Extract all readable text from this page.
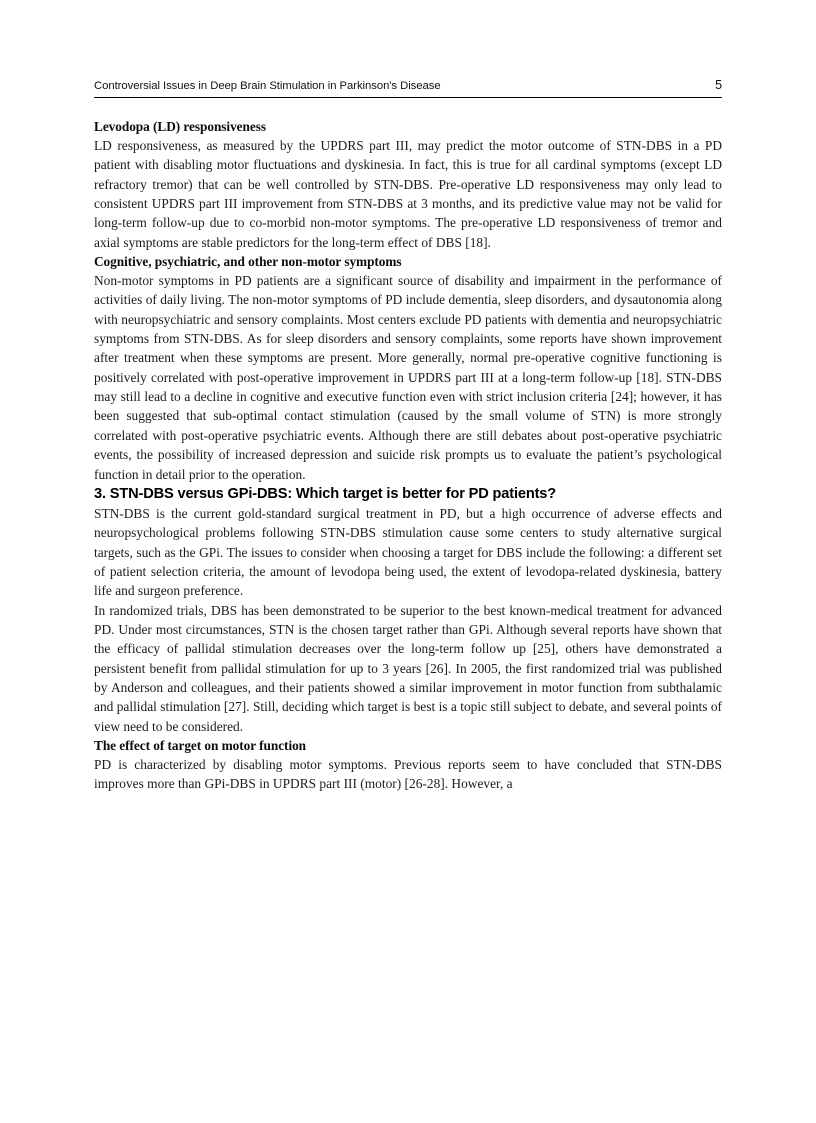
Controversial Issues in Deep Brain Stimulation in Parkinson's Disease	5
Levodopa (LD) responsiveness

LD responsiveness, as measured by the UPDRS part III, may predict the motor outcome of STN-DBS in a PD patient with disabling motor fluctuations and dyskinesia. In fact, this is true for all cardinal symptoms (except LD refractory tremor) that can be well controlled by STN-DBS. Pre-operative LD responsiveness may only lead to consistent UPDRS part III improvement from STN-DBS at 3 months, and its predictive value may not be valid for long-term follow-up due to co-morbid non-motor symptoms. The pre-operative LD responsiveness of tremor and axial symptoms are stable predictors for the long-term effect of DBS [18].

Cognitive, psychiatric, and other non-motor symptoms

Non-motor symptoms in PD patients are a significant source of disability and impairment in the performance of activities of daily living. The non-motor symptoms of PD include dementia, sleep disorders, and dysautonomia along with neuropsychiatric and sensory complaints. Most centers exclude PD patients with dementia and neuropsychiatric symptoms from STN-DBS. As for sleep disorders and sensory complaints, some reports have shown improvement after treatment when these symptoms are present. More generally, normal pre-operative cognitive functioning is positively correlated with post-operative improvement in UPDRS part III at a long-term follow-up [18]. STN-DBS may still lead to a decline in cognitive and executive function even with strict inclusion criteria [24]; however, it has been suggested that sub-optimal contact stimulation (caused by the small volume of STN) is more strongly correlated with post-operative psychiatric events. Although there are still debates about post-operative psychiatric events, the possibility of increased depression and suicide risk prompts us to evaluate the patient’s psychological function in detail prior to the operation.

3. STN-DBS versus GPi-DBS: Which target is better for PD patients?

STN-DBS is the current gold-standard surgical treatment in PD, but a high occurrence of adverse effects and neuropsychological problems following STN-DBS stimulation cause some centers to study alternative surgical targets, such as the GPi. The issues to consider when choosing a target for DBS include the following: a different set of patient selection criteria, the amount of levodopa being used, the extent of levodopa-related dyskinesia, battery life and surgeon preference.

In randomized trials, DBS has been demonstrated to be superior to the best known-medical treatment for advanced PD. Under most circumstances, STN is the chosen target rather than GPi. Although several reports have shown that the efficacy of pallidal stimulation decreases over the long-term follow up [25], others have demonstrated a persistent benefit from pallidal stimulation for up to 3 years [26]. In 2005, the first randomized trial was published by Anderson and colleagues, and their patients showed a similar improvement in motor function from subthalamic and pallidal stimulation [27]. Still, deciding which target is best is a topic still subject to debate, and several points of view need to be considered.

The effect of target on motor function

PD is characterized by disabling motor symptoms. Previous reports seem to have concluded that STN-DBS improves more than GPi-DBS in UPDRS part III (motor) [26-28]. However, a
